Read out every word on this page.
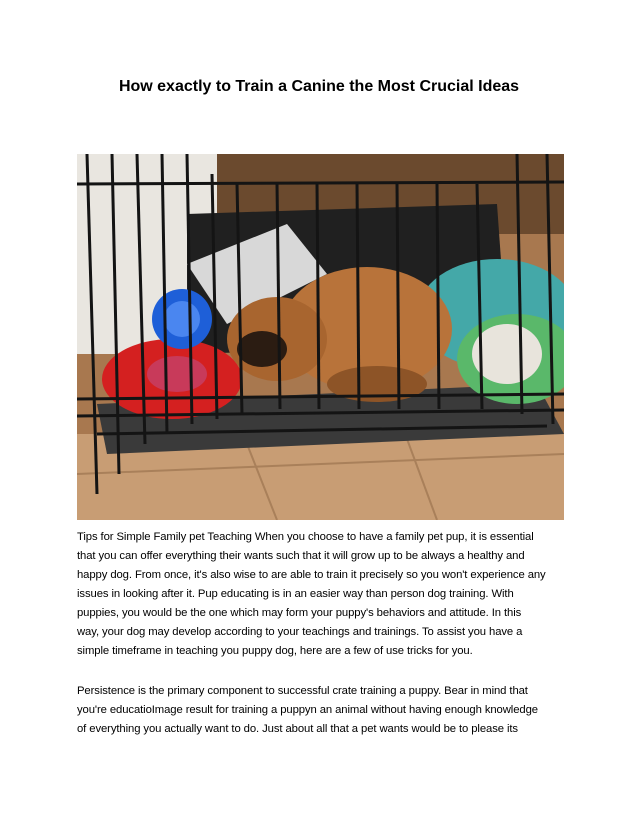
How exactly to Train a Canine the Most Crucial Ideas
Tips for Simple Family pet Teaching When you choose to have a family pet pup, it is essential
that you can offer everything their wants such that it will grow up to be always a healthy and
happy dog. From once, it's also wise to are able to train it precisely so you won't experience any
issues in looking after it. Pup educating is in an easier way than person dog training. With
puppies, you would be the one which may form your puppy's behaviors and attitude. In this
way, your dog may develop according to your teachings and trainings. To assist you have a
simple timeframe in teaching you puppy dog, here are a few of use tricks for you.
Persistence is the primary component to successful crate training a puppy. Bear in mind that
you're educatioImage result for training a puppyn an animal without having enough knowledge
of everything you actually want to do. Just about all that a pet wants would be to please its
